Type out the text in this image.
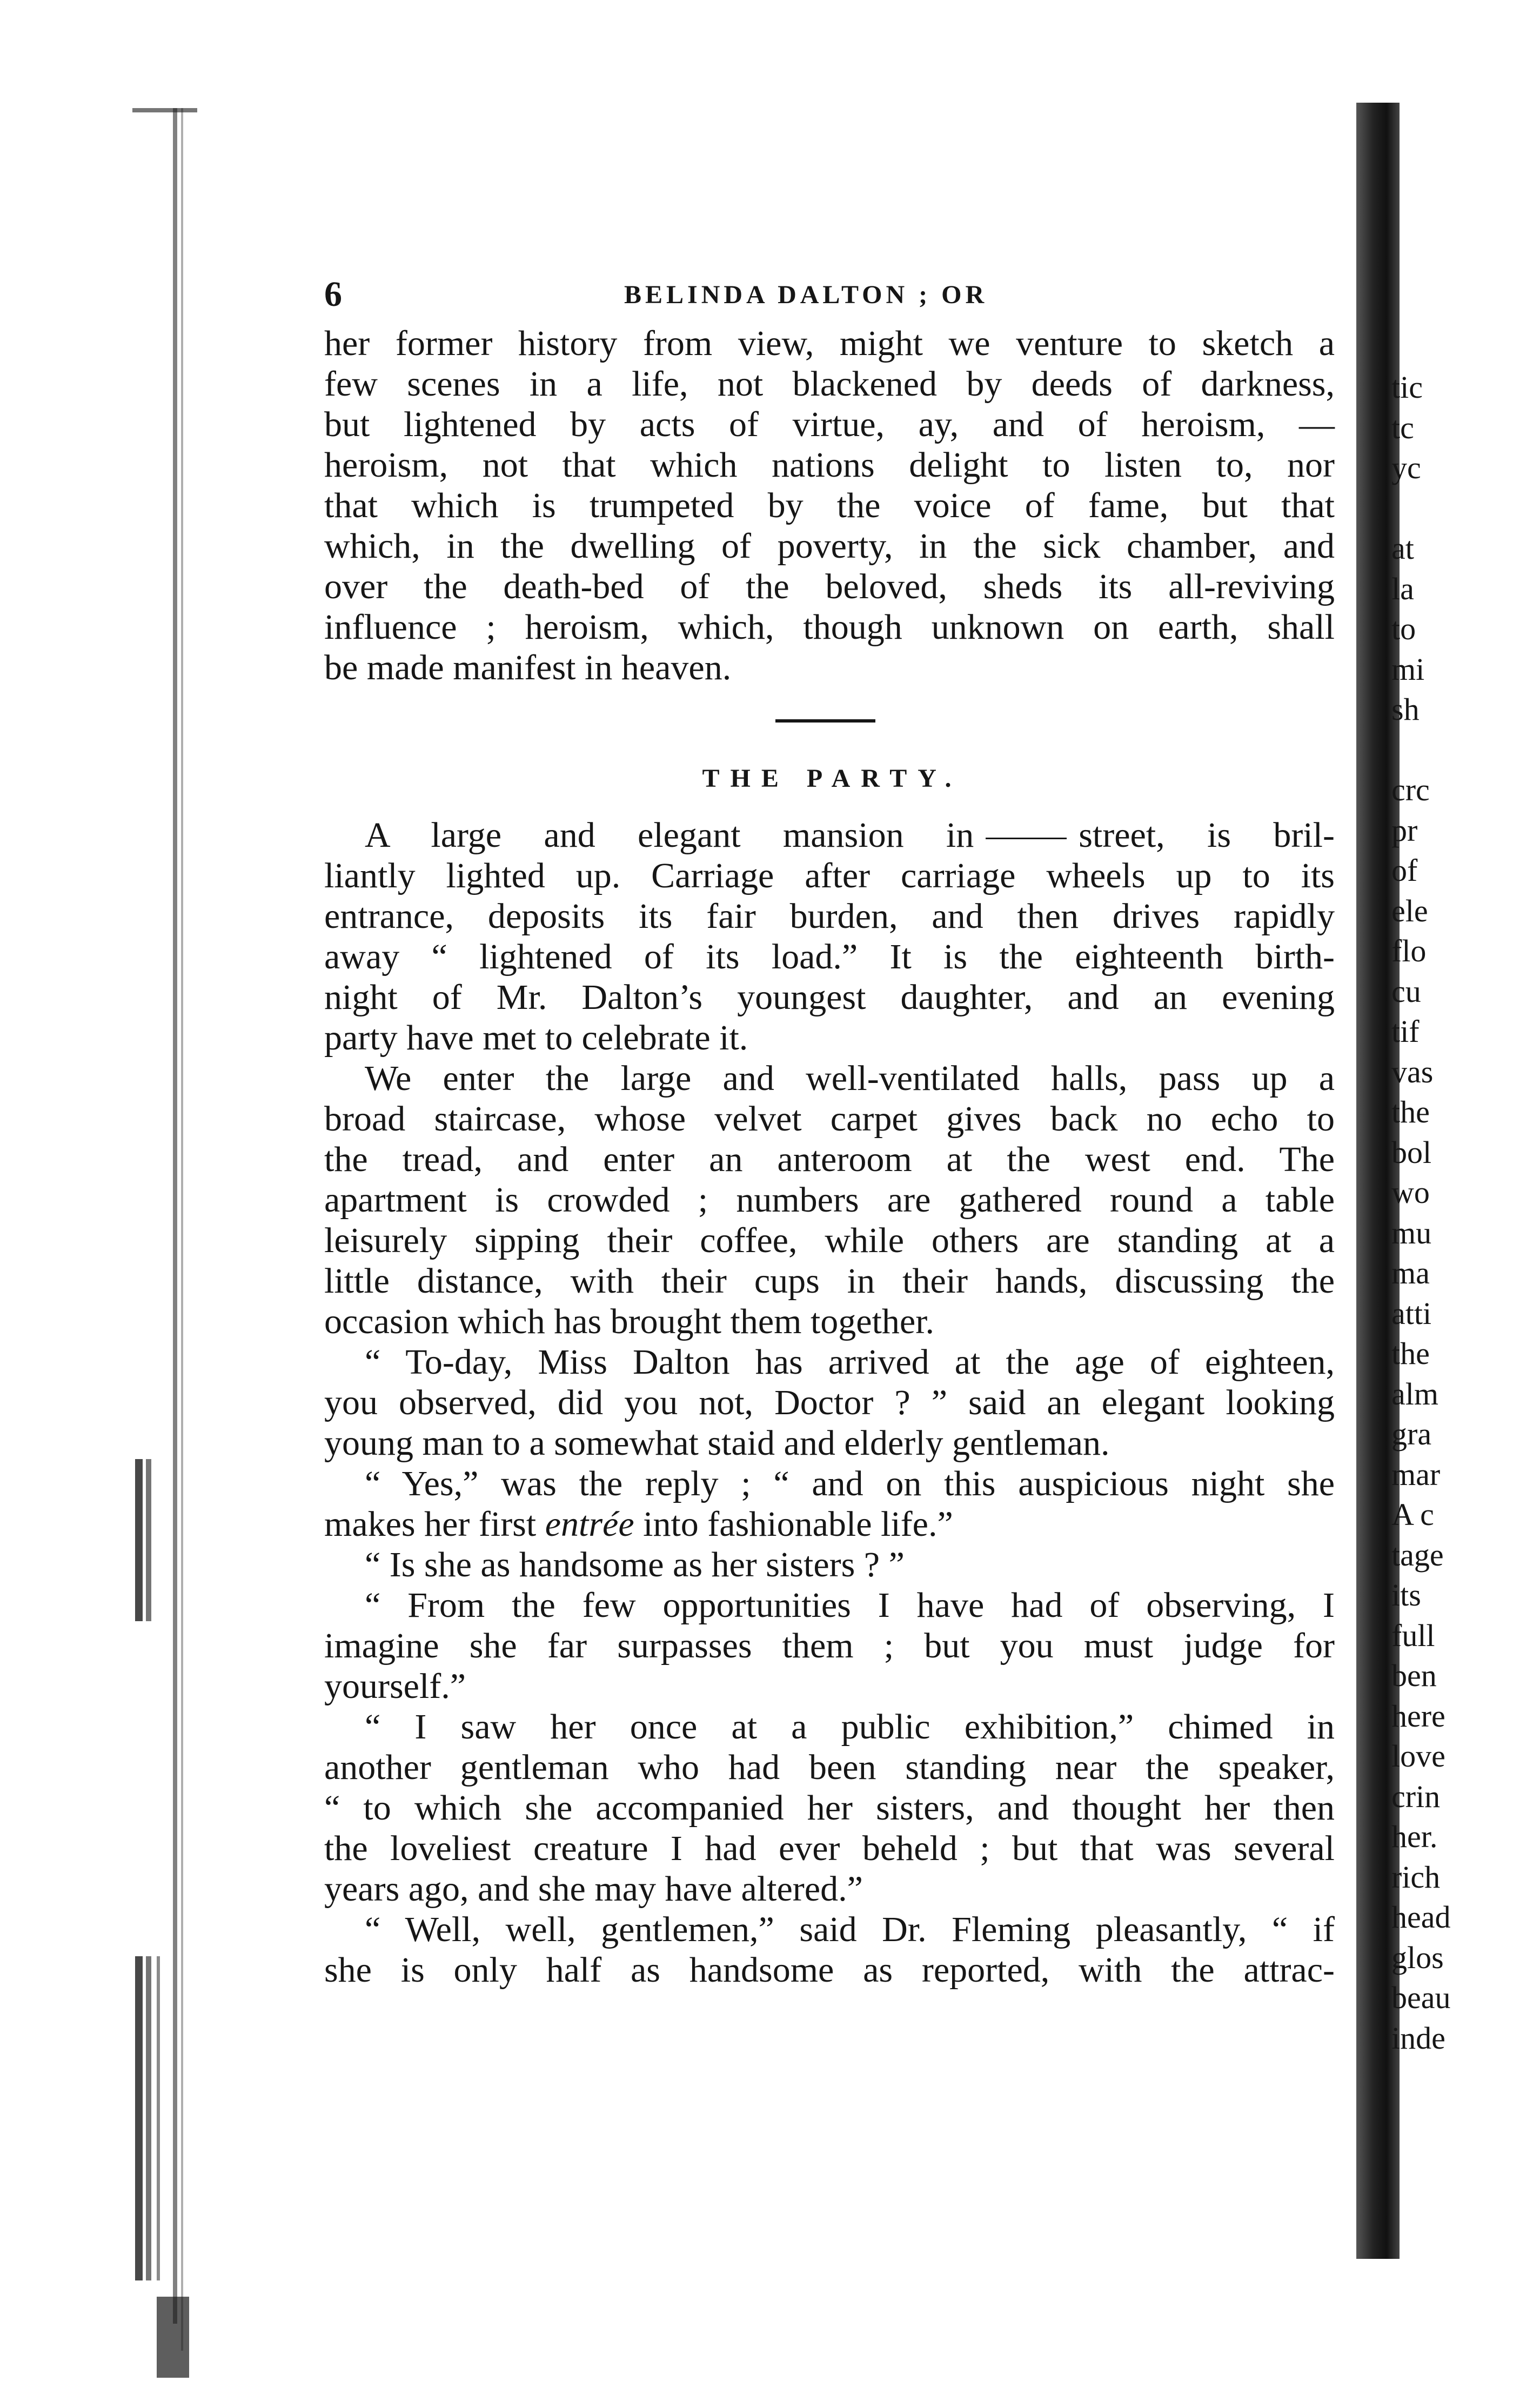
tic
tc
yc
at
la
to
mi
sh
crc
pr
of
ele
flo
cu
tif
vas
the
bol
wo
mu
ma
atti
the
alm
gra
mar
A c
tage
its
full
ben
here
love
crin
her.
rich
head
glos
beau
inde
6	BELINDA DALTON ; OR
her former history from view, might we venture to sketch a
few scenes in a life, not blackened by deeds of darkness,
but lightened by acts of virtue, ay, and of heroism, —
heroism, not that which nations delight to listen to, nor
that which is trumpeted by the voice of fame, but that
which, in the dwelling of poverty, in the sick chamber, and
over the death-bed of the beloved, sheds its all-reviving
influence ; heroism, which, though unknown on earth, shall
be made manifest in heaven.
THE PARTY.
A large and elegant mansion in	street, is bril-
liantly lighted up. Carriage after carriage wheels up to its
entrance, deposits its fair burden, and then drives rapidly
away “ lightened of its load.” It is the eighteenth birth-
night of Mr. Dalton’s youngest daughter, and an evening
party have met to celebrate it.
We enter the large and well-ventilated halls, pass up a
broad staircase, whose velvet carpet gives back no echo to
the tread, and enter an anteroom at the west end. The
apartment is crowded ; numbers are gathered round a table
leisurely sipping their coffee, while others are standing at a
little distance, with their cups in their hands, discussing the
occasion which has brought them together.
“ To-day, Miss Dalton has arrived at the age of eighteen,
you observed, did you not, Doctor ? ” said an elegant looking
young man to a somewhat staid and elderly gentleman.
“ Yes,” was the reply ; “ and on this auspicious night she
makes her first entrée into fashionable life.”
“ Is she as handsome as her sisters ? ”
“ From the few opportunities I have had of observing, I
imagine she far surpasses them ; but you must judge for
yourself.”
“ I saw her once at a public exhibition,” chimed in
another gentleman who had been standing near the speaker,
“ to which she accompanied her sisters, and thought her then
the loveliest creature I had ever beheld ; but that was several
years ago, and she may have altered.”
“ Well, well, gentlemen,” said Dr. Fleming pleasantly, “ if
she is only half as handsome as reported, with the attrac-
